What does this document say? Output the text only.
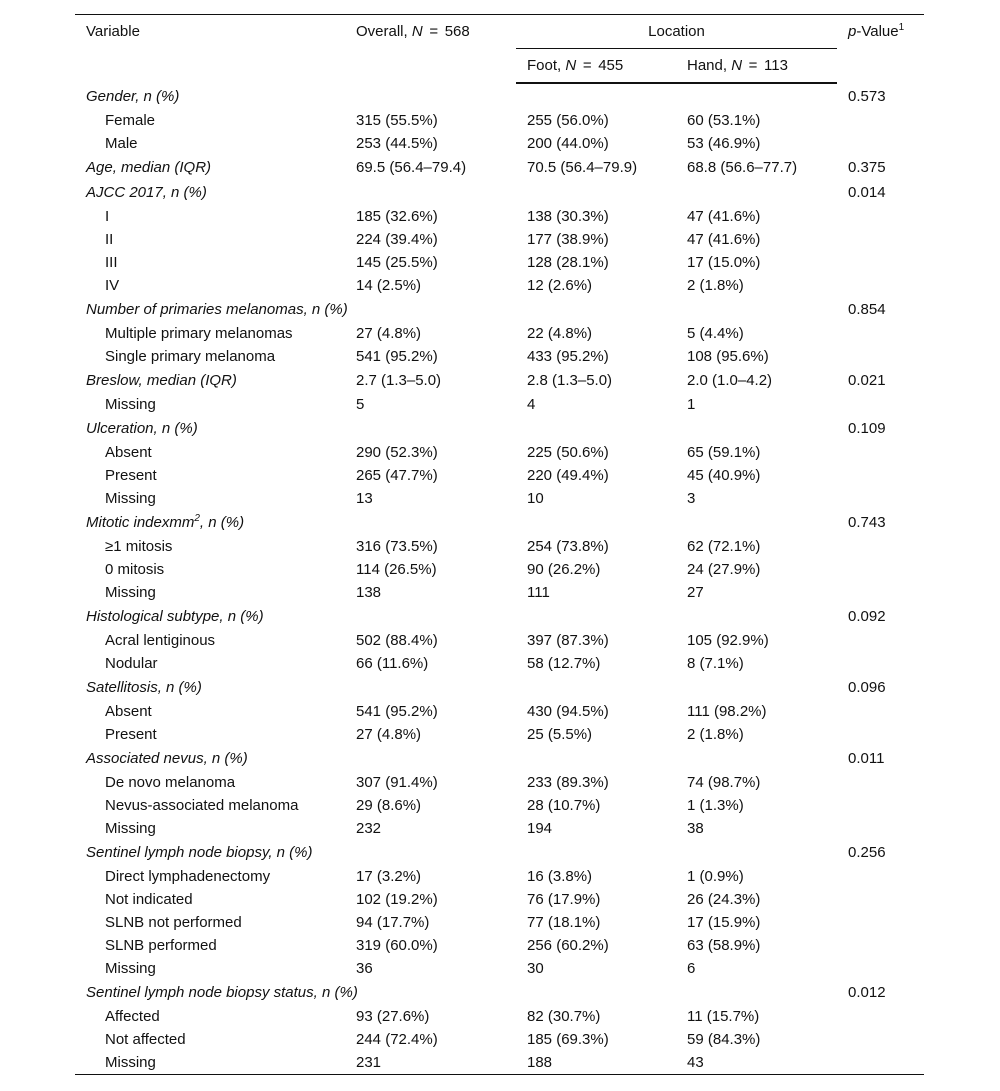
Variable	Overall, N = 568	Location		p-Value$^1$
		Foot, N = 455	Hand, N = 113	
Gender, n (%)				0.573
Female	315 (55.5%)	255 (56.0%)	60 (53.1%)	
Male	253 (44.5%)	200 (44.0%)	53 (46.9%)	
Age, median (IQR)	69.5 (56.4–79.4)	70.5 (56.4–79.9)	68.8 (56.6–77.7)	0.375
AJCC 2017, n (%)				0.014
I	185 (32.6%)	138 (30.3%)	47 (41.6%)	
II	224 (39.4%)	177 (38.9%)	47 (41.6%)	
III	145 (25.5%)	128 (28.1%)	17 (15.0%)	
IV	14 (2.5%)	12 (2.6%)	2 (1.8%)	
Number of primaries melanomas, n (%)				0.854
Multiple primary melanomas	27 (4.8%)	22 (4.8%)	5 (4.4%)	
Single primary melanoma	541 (95.2%)	433 (95.2%)	108 (95.6%)	
Breslow, median (IQR)	2.7 (1.3–5.0)	2.8 (1.3–5.0)	2.0 (1.0–4.2)	0.021
Missing	5	4	1	
Ulceration, n (%)				0.109
Absent	290 (52.3%)	225 (50.6%)	65 (59.1%)	
Present	265 (47.7%)	220 (49.4%)	45 (40.9%)	
Missing	13	10	3	
Mitotic indexmm$^2$, n (%)				0.743
≥1 mitosis	316 (73.5%)	254 (73.8%)	62 (72.1%)	
0 mitosis	114 (26.5%)	90 (26.2%)	24 (27.9%)	
Missing	138	111	27	
Histological subtype, n (%)				0.092
Acral lentiginous	502 (88.4%)	397 (87.3%)	105 (92.9%)	
Nodular	66 (11.6%)	58 (12.7%)	8 (7.1%)	
Satellitosis, n (%)				0.096
Absent	541 (95.2%)	430 (94.5%)	111 (98.2%)	
Present	27 (4.8%)	25 (5.5%)	2 (1.8%)	
Associated nevus, n (%)				0.011
De novo melanoma	307 (91.4%)	233 (89.3%)	74 (98.7%)	
Nevus-associated melanoma	29 (8.6%)	28 (10.7%)	1 (1.3%)	
Missing	232	194	38	
Sentinel lymph node biopsy, n (%)				0.256
Direct lymphadenectomy	17 (3.2%)	16 (3.8%)	1 (0.9%)	
Not indicated	102 (19.2%)	76 (17.9%)	26 (24.3%)	
SLNB not performed	94 (17.7%)	77 (18.1%)	17 (15.9%)	
SLNB performed	319 (60.0%)	256 (60.2%)	63 (58.9%)	
Missing	36	30	6	
Sentinel lymph node biopsy status, n (%)				0.012
Affected	93 (27.6%)	82 (30.7%)	11 (15.7%)	
Not affected	244 (72.4%)	185 (69.3%)	59 (84.3%)	
Missing	231	188	43	
